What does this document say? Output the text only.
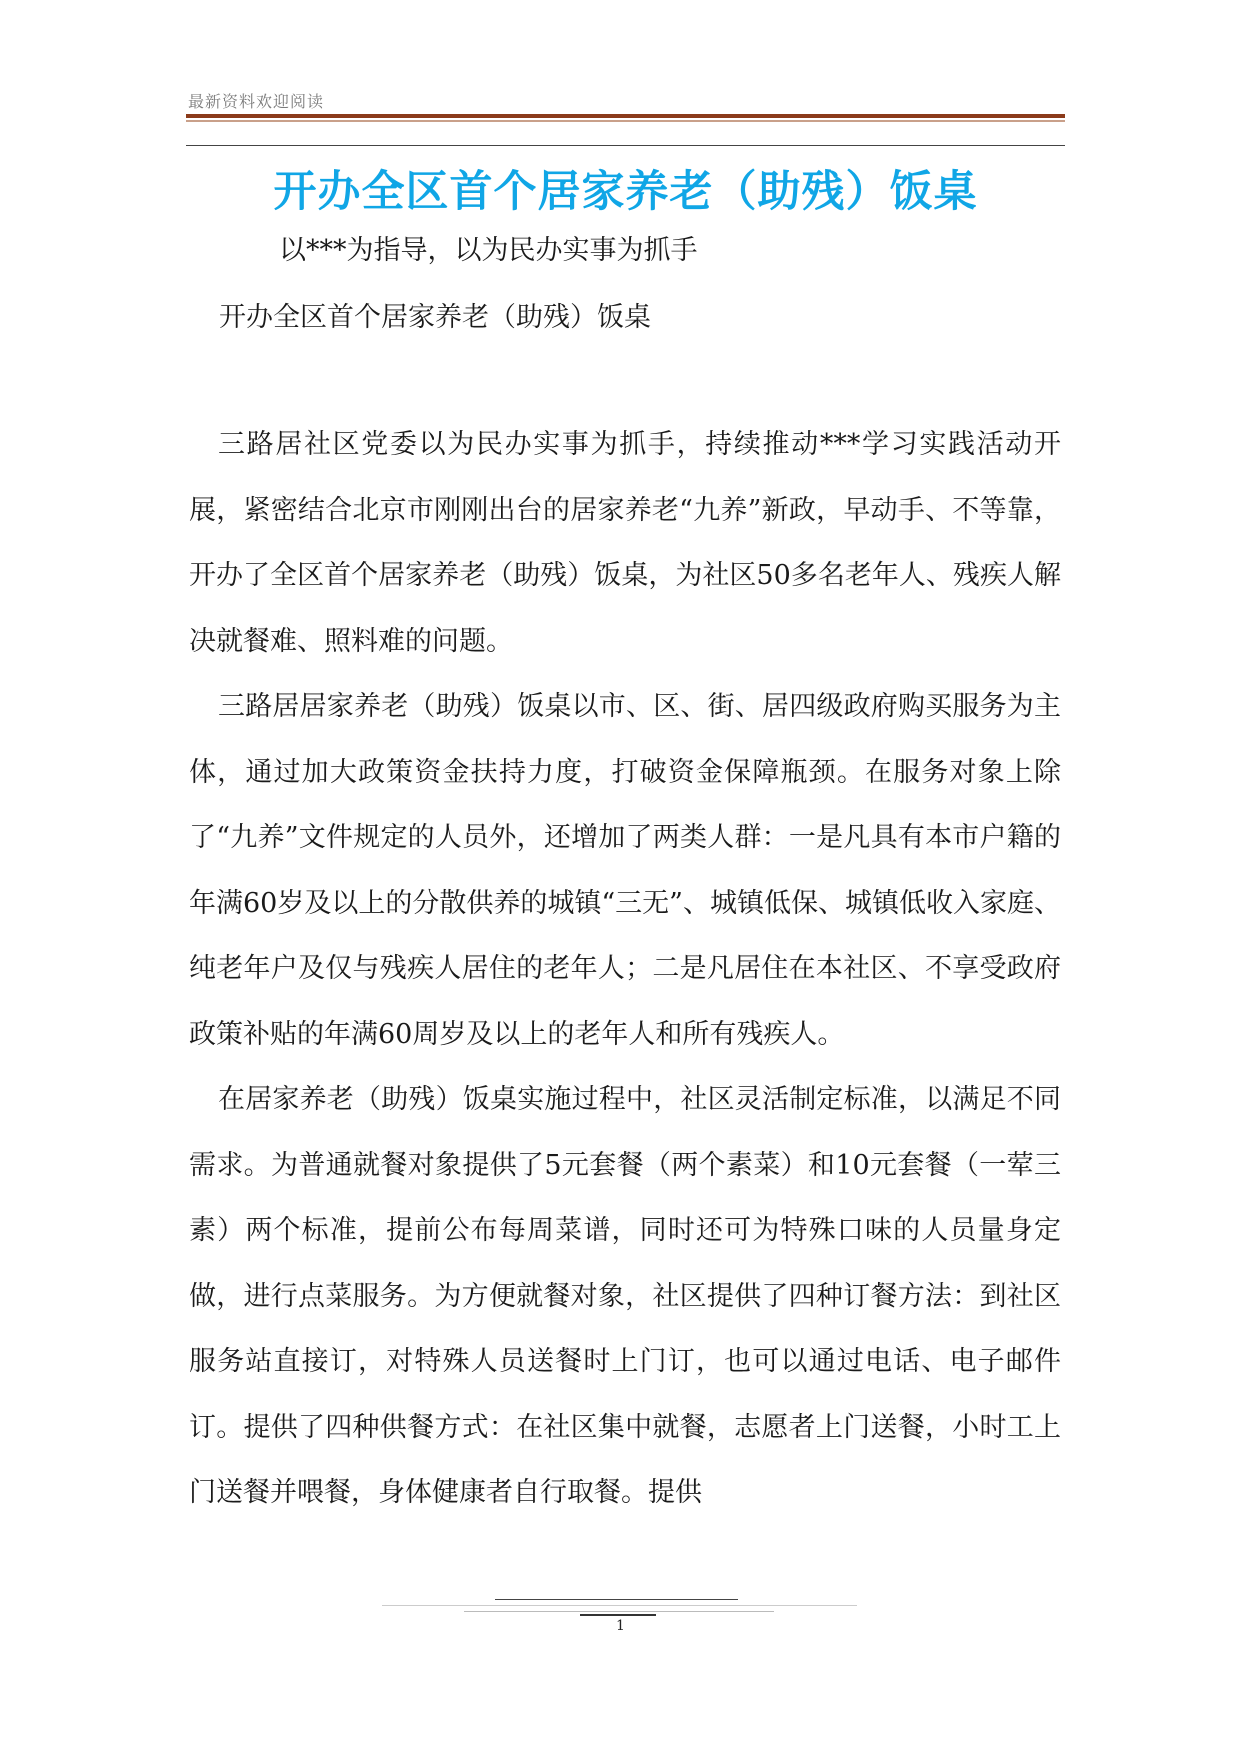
最新资料欢迎阅读
开办全区首个居家养老（助残）饭桌
以***为指导，以为民办实事为抓手
开办全区首个居家养老（助残）饭桌

三路居社区党委以为民办实事为抓手，持续推动***学习实践活动开展，紧密结合北京市刚刚出台的居家养老“九养”新政，早动手、不等靠，开办了全区首个居家养老（助残）饭桌，为社区50多名老年人、残疾人解决就餐难、照料难的问题。

三路居居家养老（助残）饭桌以市、区、街、居四级政府购买服务为主体，通过加大政策资金扶持力度，打破资金保障瓶颈。在服务对象上除了“九养”文件规定的人员外，还增加了两类人群：一是凡具有本市户籍的年满60岁及以上的分散供养的城镇“三无”、城镇低保、城镇低收入家庭、纯老年户及仅与残疾人居住的老年人；二是凡居住在本社区、不享受政府政策补贴的年满60周岁及以上的老年人和所有残疾人。

在居家养老（助残）饭桌实施过程中，社区灵活制定标准，以满足不同需求。为普通就餐对象提供了5元套餐（两个素菜）和10元套餐（一荤三素）两个标准，提前公布每周菜谱，同时还可为特殊口味的人员量身定做，进行点菜服务。为方便就餐对象，社区提供了四种订餐方法：到社区服务站直接订，对特殊人员送餐时上门订，也可以通过电话、电子邮件订。提供了四种供餐方式：在社区集中就餐，志愿者上门送餐，小时工上门送餐并喂餐，身体健康者自行取餐。提供

1
